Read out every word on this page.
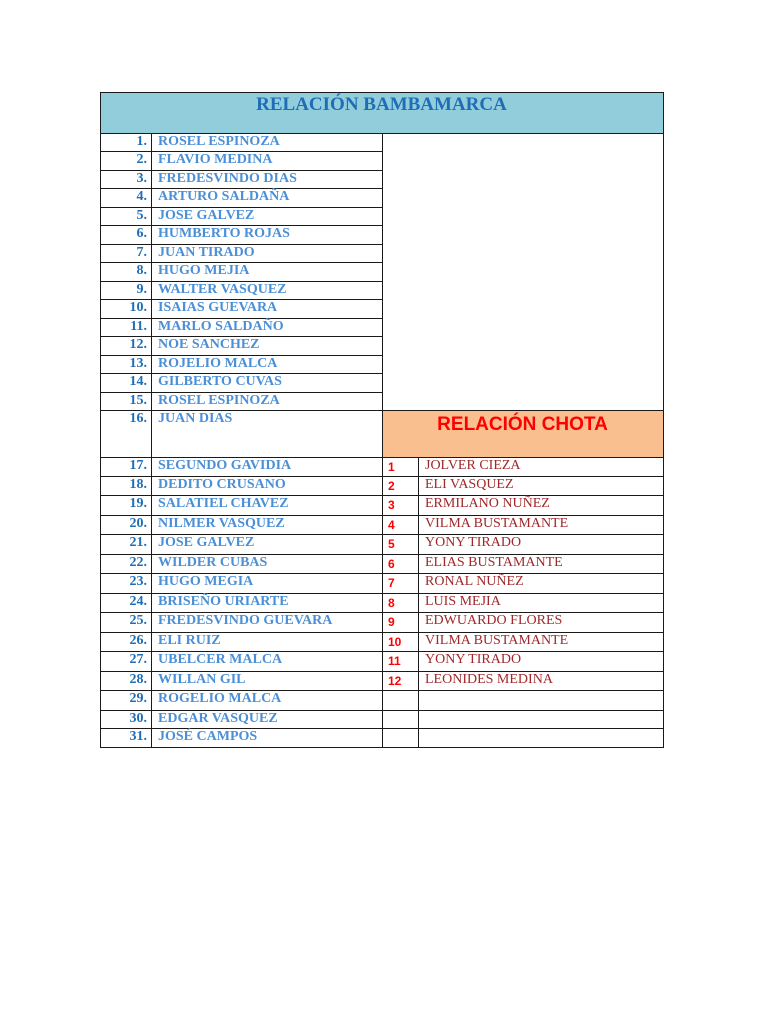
RELACIÓN BAMBAMARCA
RELACIÓN CHOTA
1. ROSEL ESPINOZA
2. FLAVIO MEDINA
3. FREDESVINDO DIAS
4. ARTURO SALDAÑA
5. JOSE GALVEZ
6. HUMBERTO ROJAS
7. JUAN TIRADO
8. HUGO MEJIA
9. WALTER VASQUEZ
10. ISAIAS GUEVARA
11. MARLO SALDAÑO
12. NOE SANCHEZ
13. ROJELIO MALCA
14. GILBERTO CUVAS
15. ROSEL ESPINOZA
16. JUAN DIAS
17. SEGUNDO GAVIDIA
18. DEDITO CRUSANO
19. SALATIEL CHAVEZ
20. NILMER VASQUEZ
21. JOSE GALVEZ
22. WILDER CUBAS
23. HUGO MEGIA
24. BRISEÑO URIARTE
25. FREDESVINDO GUEVARA
26. ELI RUIZ
27. UBELCER MALCA
28. WILLAN GIL
29. ROGELIO MALCA
30. EDGAR VASQUEZ
31. JOSÉ CAMPOS
1 JOLVER CIEZA
2 ELI VASQUEZ
3 ERMILANO NUÑEZ
4 VILMA BUSTAMANTE
5 YONY TIRADO
6 ELIAS BUSTAMANTE
7 RONAL NUÑEZ
8 LUIS MEJIA
9 EDWUARDO FLORES
10 VILMA BUSTAMANTE
11 YONY TIRADO
12 LEONIDES MEDINA
